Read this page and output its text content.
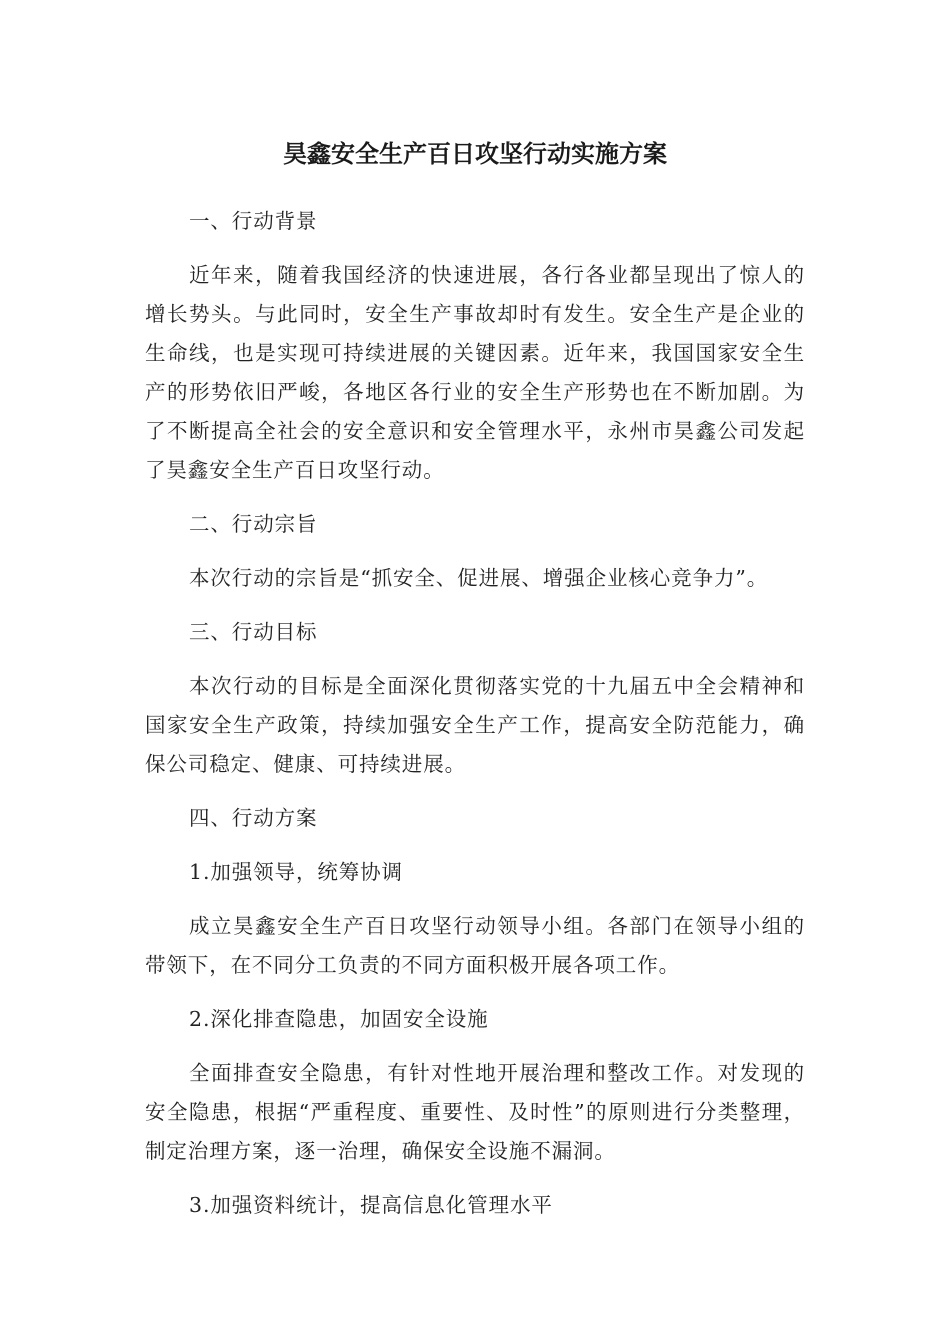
昊鑫安全生产百日攻坚行动实施方案

一、行动背景

近年来，随着我国经济的快速进展，各行各业都呈现出了惊人的增长势头。与此同时，安全生产事故却时有发生。安全生产是企业的生命线，也是实现可持续进展的关键因素。近年来，我国国家安全生产的形势依旧严峻，各地区各行业的安全生产形势也在不断加剧。为了不断提高全社会的安全意识和安全管理水平，永州市昊鑫公司发起了昊鑫安全生产百日攻坚行动。

二、行动宗旨

本次行动的宗旨是“抓安全、促进展、增强企业核心竞争力”。

三、行动目标

本次行动的目标是全面深化贯彻落实党的十九届五中全会精神和国家安全生产政策，持续加强安全生产工作，提高安全防范能力，确保公司稳定、健康、可持续进展。

四、行动方案

1.加强领导，统筹协调

成立昊鑫安全生产百日攻坚行动领导小组。各部门在领导小组的带领下，在不同分工负责的不同方面积极开展各项工作。

2.深化排查隐患，加固安全设施

全面排查安全隐患，有针对性地开展治理和整改工作。对发现的安全隐患，根据“严重程度、重要性、及时性”的原则进行分类整理，制定治理方案，逐一治理，确保安全设施不漏洞。

3.加强资料统计，提高信息化管理水平
